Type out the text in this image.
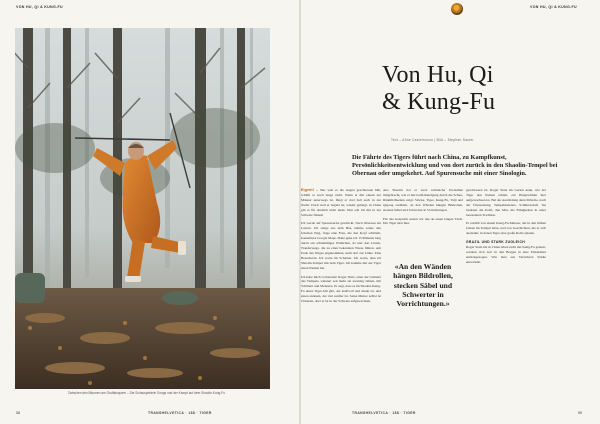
VON HU, QI & KUNG-FU	VON HU, QI & KUNG-FU
Zwischen den Bäumen am Gruffaloqueré – Die Schauspielerin Songs und der Kampf auf dem Shaolin-Kung-Fu
Von Hu, Qi
& Kung-Fu
Text – Aline Castelnuovo | Bild – Stephan Sauter
Die Fährte des Tigers führt nach China, zu Kampfkunst, Persönlichkeitsentwicklung und von dort zurück in den Shaolin-Tempel bei Obernau oder umgekehrt. Auf Spurensuche mit einer Sinologin.

Eigentl – Nur weil er die Augen geschlossen hält, schläft er noch lange nicht. Wenn er mit einem der Männer unterwegs ist, fängt er dort halt auch in der Nacht. Doch weil er begabt ist, wieder gelangt, in China gilt er für deutlich nicht mehr. Nun soll ich ihn in der Schweiz finden!

Ich werde auf Spurensuche geschickt. Nach Obernau bei Luzern. Ich steige aus dem Bus, nehme sonne den falschen Weg, frage eine Frau, die den Kopf schüttelt, konsultiere Google Maps. Dann gehe ich 15 Minuten lang durch ein schlammiges Wäldchen, da und dort Linien, Wanderwege, die zu einer bekannten Wiese führen. Am Ende des Weges angekommen, steht dort zur Linke. Eine Besucherin. Ich warte im Schatten. Ich warte, dass im Shaolin-Tempel mit dem Tiger. Ich komme mit der Tiger einen Namen hat.

Ich habe mich vorbereitet: Roger Stutz, einer der Gründer des Tempels, trainiert seit mehr als zwanzig Jahren, mit Schülern und Meistern. Er sagt, dass es im Shaolin-Kung-Fu einen Tiger-Stil gibt, der kraftvoll und direkt ist, und einen anderen, der viel sanfter ist. Seine Mutter selbst ist Chinesin, aber er ist in der Schweiz aufgewachsen.

Aus Shaolin hat er auch zahlreiche Utensilien mitgebracht, wie er mir beim Rundgang durch die Schau-Räumlichkeiten zeigt, Stöcke, Tiger, Kung-Fu, Taiji und Qigong erzählen, an den Wänden hängen Bildrollen, stecken Säbel und Schwerter in Vorrichtungen.

Für das Gespräch setzen wir uns an einen langen Tisch. Der Tiger sitzt hier.

«An den Wänden hängen Bildrollen, stecken Säbel und Schwerter in Vorrichtungen.»

geschlossen ist. Roger Stutz im Garten kann, wie der Tiger den Namen erhielt, ein Hauptschüler hier aufgewachsen ist. Bei der Ausbildung dann Mönche, nach der Übersetzung, Tempelmeisters, Schülerschaft. Sie besitzen die Kraft, den Mut, die Fähigkeiten in einer besonderen Tradition.

Er erzählt von einem Kung-Fu-Meister, der in den frühen Jahren im Tempel lebte, und von Geschichten, die er sich ausdenkt, in denen Tiger eine große Rolle spielen.

GRAZIL UND STARK ZUGLEICH

Roger Stutz hat in China leben nicht nur Kung-Fu gelernt, sondern sich dort in den Bergen in eine Einsiedelei zurückgezogen. Wie man aus Versichern Stärke entwickelt.

58	TRANSHELVETICA · 188 · TIGER	TRANSHELVETICA · 188 · TIGER	59
